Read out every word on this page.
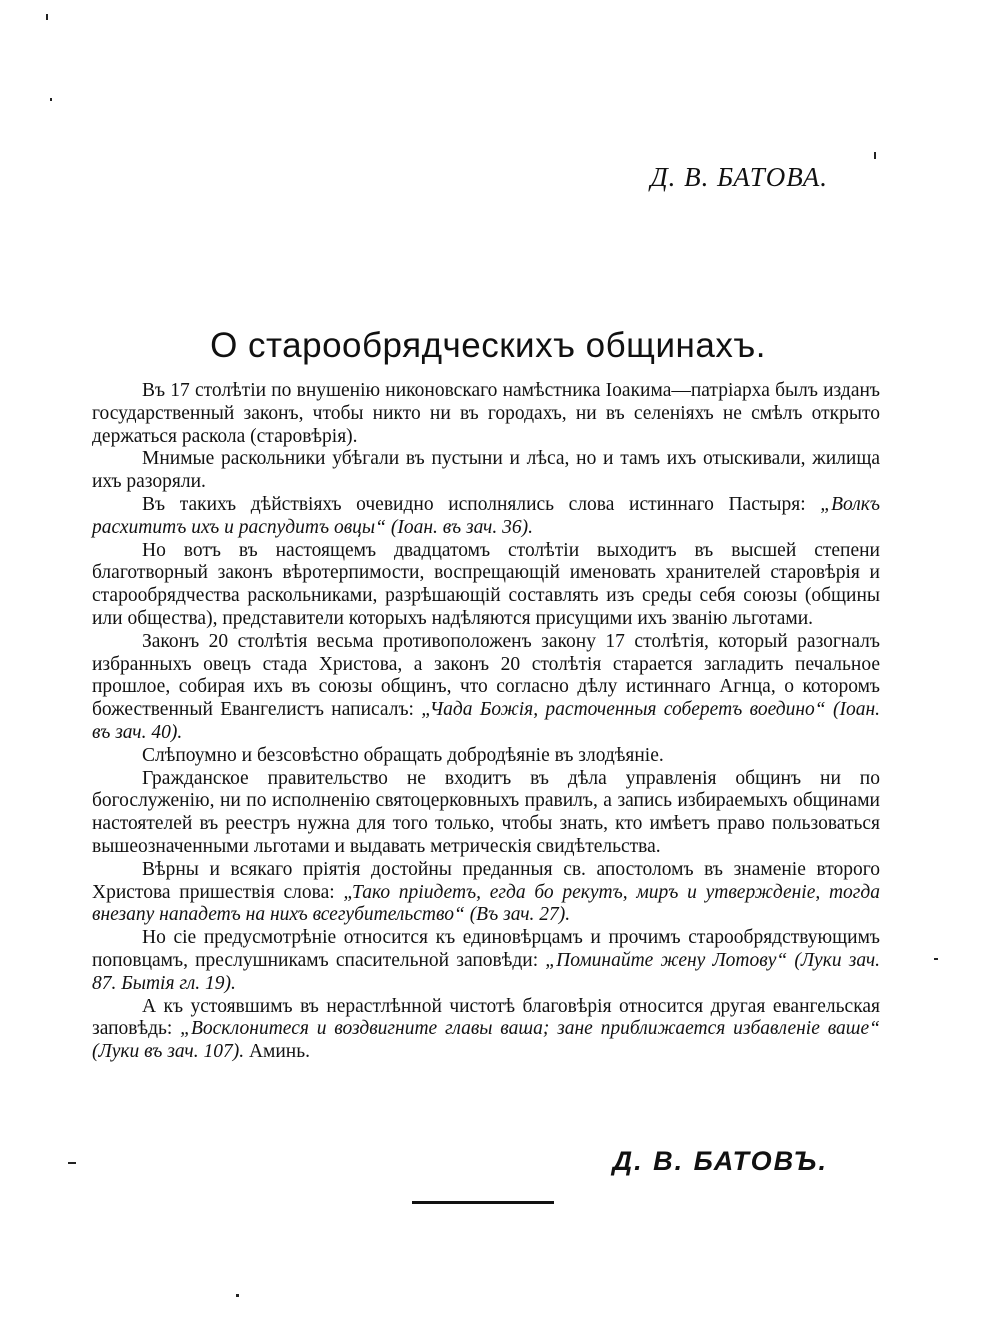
Д. В. БАТОВА.
О старообрядческихъ общинахъ.

Въ 17 столѣтiи по внушенiю никоновскаго намѣстника Iоакима—патрiарха былъ изданъ государственный законъ, чтобы никто ни въ городахъ, ни въ селенiяхъ не смѣлъ открыто держаться раскола (старовѣрiя).

Мнимые раскольники убѣгали въ пустыни и лѣса, но и тамъ ихъ отыскивали, жилища ихъ разоряли.

Въ такихъ дѣйствiяхъ очевидно исполнялись слова истиннаго Пастыря: „Волкъ расхититъ ихъ и распудитъ овцы“ (Iоан. въ зач. 36).

Но вотъ въ настоящемъ двадцатомъ столѣтiи выходитъ въ высшей степени благотворный законъ вѣротерпимости, воспрещающiй именовать хранителей старовѣрiя и старообрядчества раскольниками, разрѣшающiй составлять изъ среды себя союзы (общины или общества), представители которыхъ надѣляются присущими ихъ званiю льготами.

Законъ 20 столѣтiя весьма противоположенъ закону 17 столѣтiя, который разогналъ избранныхъ овецъ стада Христова, а законъ 20 столѣтiя старается загладить печальное прошлое, собирая ихъ въ союзы общинъ, что согласно дѣлу истиннаго Агнца, о которомъ божественный Евангелистъ написалъ: „Чада Божiя, расточенныя соберетъ воедино“ (Iоан. въ зач. 40).

Слѣпоумно и безсовѣстно обращать добродѣянiе въ злодѣянiе.

Гражданское правительство не входитъ въ дѣла управленiя общинъ ни по богослуженiю, ни по исполненiю святоцерковныхъ правилъ, а запись избираемыхъ общинами настоятелей въ реестръ нужна для того только, чтобы знать, кто имѣетъ право пользоваться вышеозначенными льготами и выдавать метрическiя свидѣтельства.

Вѣрны и всякаго прiятiя достойны преданныя св. апостоломъ въ знаменiе второго Христова пришествiя слова: „Тако прiидетъ, егда бо рекутъ, миръ и утвержденiе, тогда внезапу нападетъ на нихъ всегубительство“ (Въ зач. 27).

Но сiе предусмотрѣнiе относится къ единовѣрцамъ и прочимъ старообрядствующимъ поповцамъ, преслушникамъ спасительной заповѣди: „Поминайте жену Лотову“ (Луки зач. 87. Бытiя гл. 19).

А къ устоявшимъ въ нерастлѣнной чистотѣ благовѣрiя относится другая евангельская заповѣдь: „Восклонитеся и воздвигните главы ваша; зане приближается избавленiе ваше“ (Луки въ зач. 107). Аминь.

Д. В. БАТОВЪ.
